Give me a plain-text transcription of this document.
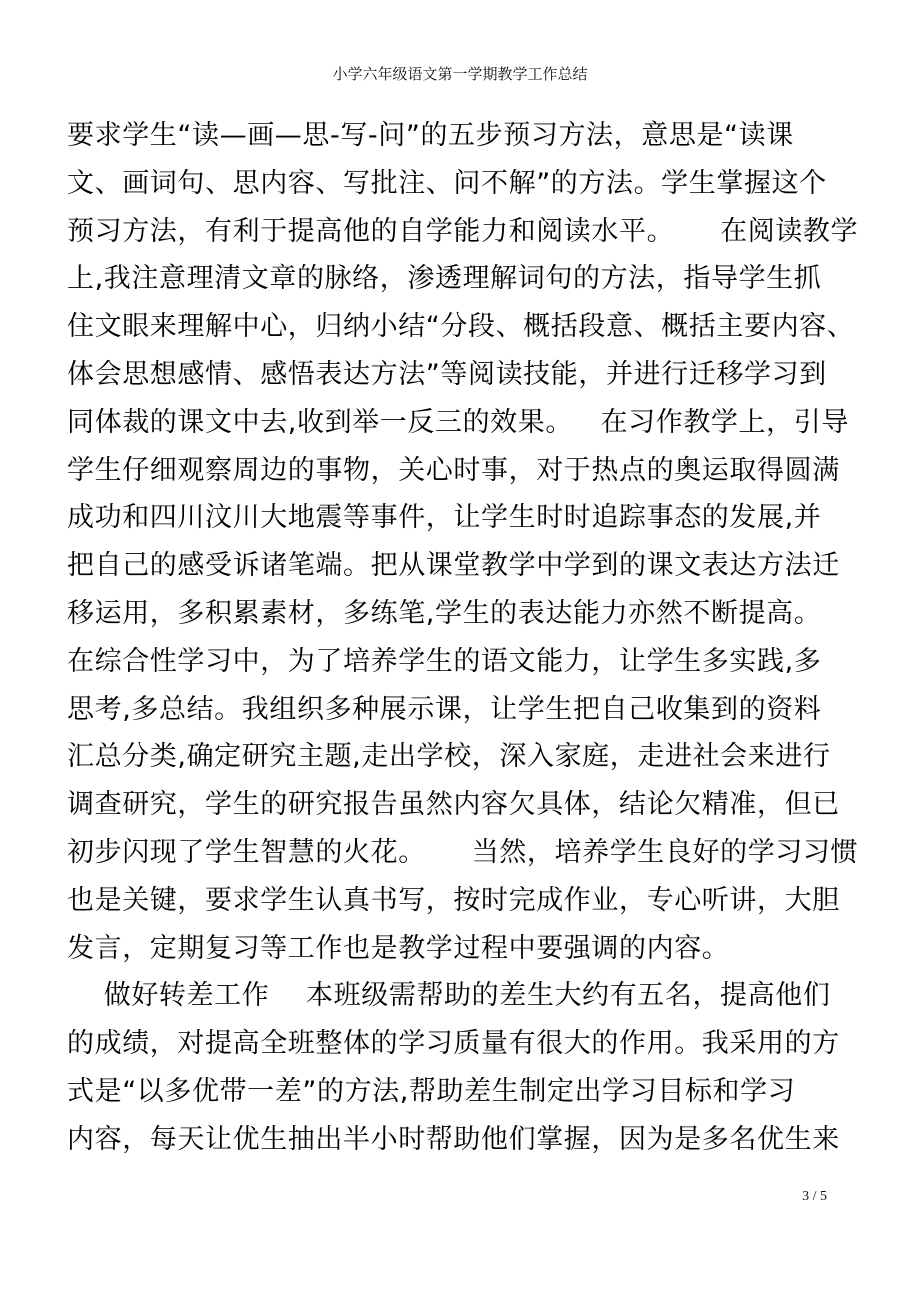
小学六年级语文第一学期教学工作总结
要求学生“读—画—思-写-问”的五步预习方法，意思是“读课
文、画词句、思内容、写批注、问不解”的方法。学生掌握这个
预习方法，有利于提高他的自学能力和阅读水平。     在阅读教学
上,我注意理清文章的脉络，渗透理解词句的方法，指导学生抓
住文眼来理解中心，归纳小结“分段、概括段意、概括主要内容、
体会思想感情、感悟表达方法”等阅读技能，并进行迁移学习到
同体裁的课文中去,收到举一反三的效果。   在习作教学上，引导
学生仔细观察周边的事物，关心时事，对于热点的奥运取得圆满
成功和四川汶川大地震等事件，让学生时时追踪事态的发展,并
把自己的感受诉诸笔端。把从课堂教学中学到的课文表达方法迁
移运用，多积累素材，多练笔,学生的表达能力亦然不断提高。
在综合性学习中，为了培养学生的语文能力，让学生多实践,多
思考,多总结。我组织多种展示课，让学生把自己收集到的资料
汇总分类,确定研究主题,走出学校，深入家庭，走进社会来进行
调查研究，学生的研究报告虽然内容欠具体，结论欠精准，但已
初步闪现了学生智慧的火花。     当然，培养学生良好的学习习惯
也是关键，要求学生认真书写，按时完成作业，专心听讲，大胆
发言，定期复习等工作也是教学过程中要强调的内容。
做好转差工作    本班级需帮助的差生大约有五名，提高他们
的成绩，对提高全班整体的学习质量有很大的作用。我采用的方
式是“以多优带一差”的方法,帮助差生制定出学习目标和学习
内容，每天让优生抽出半小时帮助他们掌握，因为是多名优生来
3 / 5
